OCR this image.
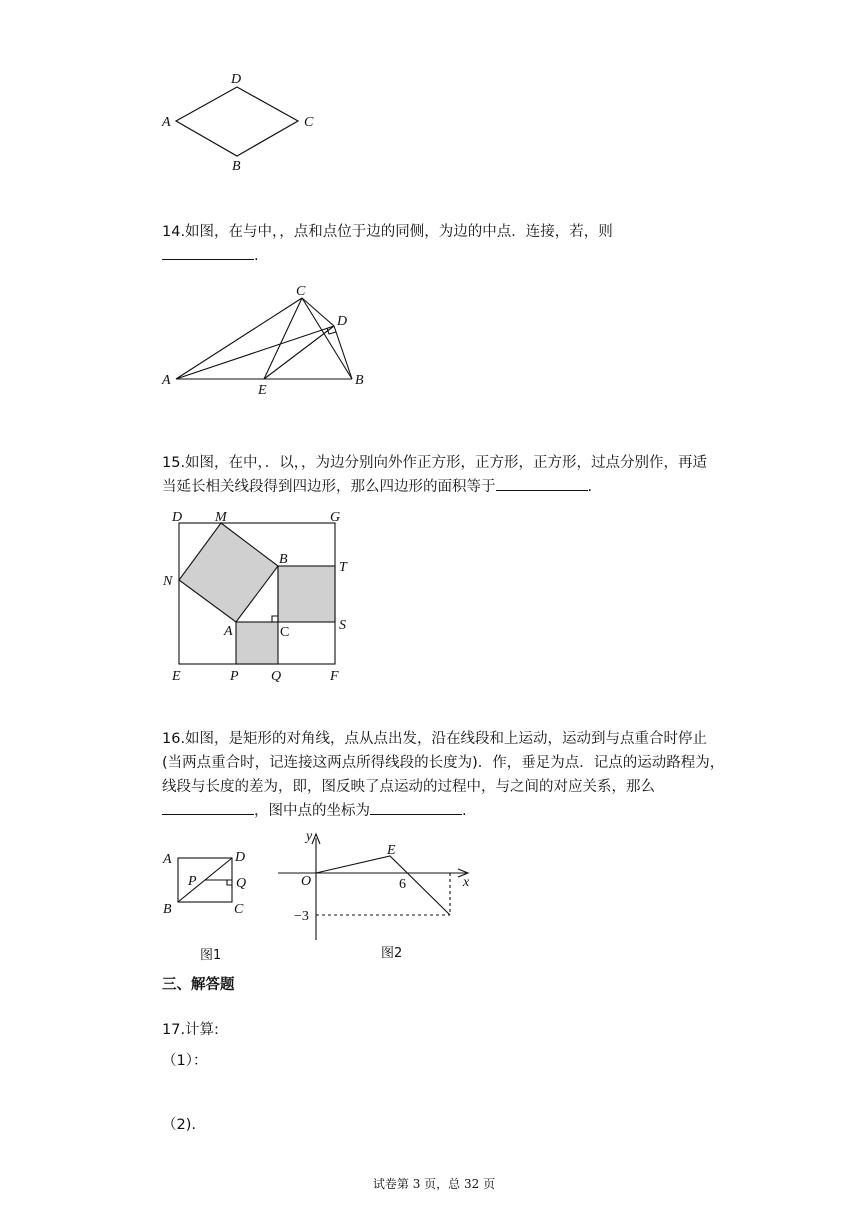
D
A	C
B
14.如图，在与中，，点和点位于边的同侧，为边的中点．连接，若，则
.
C
D
A
E
B
15.如图，在中，．以，，为边分别向外作正方形，正方形，正方形，过点分别作，再适
当延长相关线段得到四边形，那么四边形的面积等于	.
D M	G
N
B
T
A	C	S
E	P Q	F
16.如图，是矩形的对角线，点从点出发，沿在线段和上运动，运动到与点重合时停止
(当两点重合时，记连接这两点所得线段的长度为)．作，垂足为点．记点的运动路程为，
线段与长度的差为，即，图反映了点运动的过程中，与之间的对应关系，那么
，图中点的坐标为	.
A	D
P	Q
B	C
图1
y
E
O	6	x
−3
图2
三、解答题
17.计算:
（1）：
（2).
试卷第 3 页，总 32 页
